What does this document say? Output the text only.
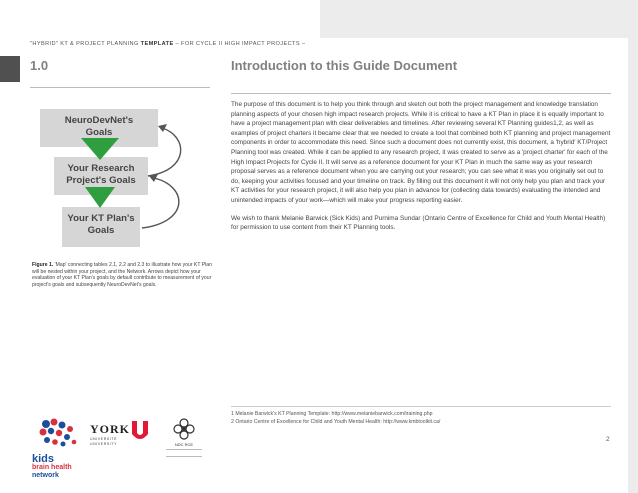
"HYBRID" KT & PROJECT PLANNING TEMPLATE – FOR CYCLE II HIGH IMPACT PROJECTS –
1.0	Introduction to this Guide Document
NeuroDevNet's
Goals
Your Research
Project's Goals
Your KT Plan's
Goals
Figure 1. 'Map' connecting tables 2.1, 2.2 and 2.3 to illustrate how your KT Plan will be nested within your project, and the Network. Arrows depict how your evaluation of your KT Plan's goals by default contribute to measurement of your project's goals and subsequently NeuroDevNet's goals.

The purpose of this document is to help you think through and sketch out both the project management and knowledge translation planning aspects of your chosen high impact research projects. While it is critical to have a KT Plan in place it is equally important to have a project management plan with clear deliverables and timelines. After reviewing several KT Planning guides1,2, as well as examples of project charters it became clear that we needed to create a tool that combined both KT planning and project management components in order to accommodate this need. Since such a document does not currently exist, this document, a 'hybrid' KT/Project Planning tool was created. While it can be applied to any research project, it was created to serve as a 'project charter' for each of the High Impact Projects for Cycle II. It will serve as a reference document for your KT Plan in much the same way as your research proposal serves as a reference document when you are carrying out your research; you can see what it was you originally set out to do, keeping your activities focused and your timeline on track. By filling out this document it will not only help you plan and track your KT activities for your research project, it will also help you plan in advance for (collecting data towards) evaluating the intended and unintended impacts of your work—which will make your progress reporting easier.

We wish to thank Melanie Barwick (Sick Kids) and Purnima Sundar (Ontario Centre of Excellence for Child and Youth Mental Health) for permission to use content from their KT Planning tools.

1 Melanie Barwick's KT Planning Template: http://www.melaniebarwick.com/training.php
2 Ontario Centre of Excellence for Child and Youth Mental Health: http://www.kmbtoolkit.ca/
2
kids
brain health
network
YORK
UNIVERSITÉ
UNIVERSITY	NDC RCE
